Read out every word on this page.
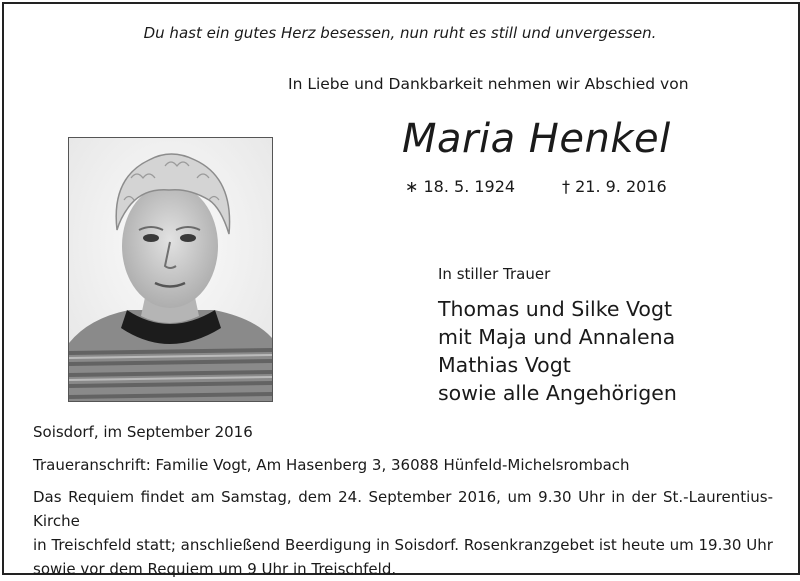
Du hast ein gutes Herz besessen, nun ruht es still und unvergessen.
In Liebe und Dankbarkeit nehmen wir Abschied von
Maria Henkel
∗ 18. 5. 1924	† 21. 9. 2016
In stiller Trauer
Thomas und Silke Vogt
mit Maja und Annalena
Mathias Vogt
sowie alle Angehörigen
Soisdorf, im September 2016
Traueranschrift: Familie Vogt, Am Hasenberg 3, 36088 Hünfeld-Michelsrombach
Das Requiem findet am Samstag, dem 24. September 2016, um 9.30 Uhr in der St.-Laurentius-Kirche
in Treischfeld statt; anschließend Beerdigung in Soisdorf. Rosenkranzgebet ist heute um 19.30 Uhr
sowie vor dem Requiem um 9 Uhr in Treischfeld.
